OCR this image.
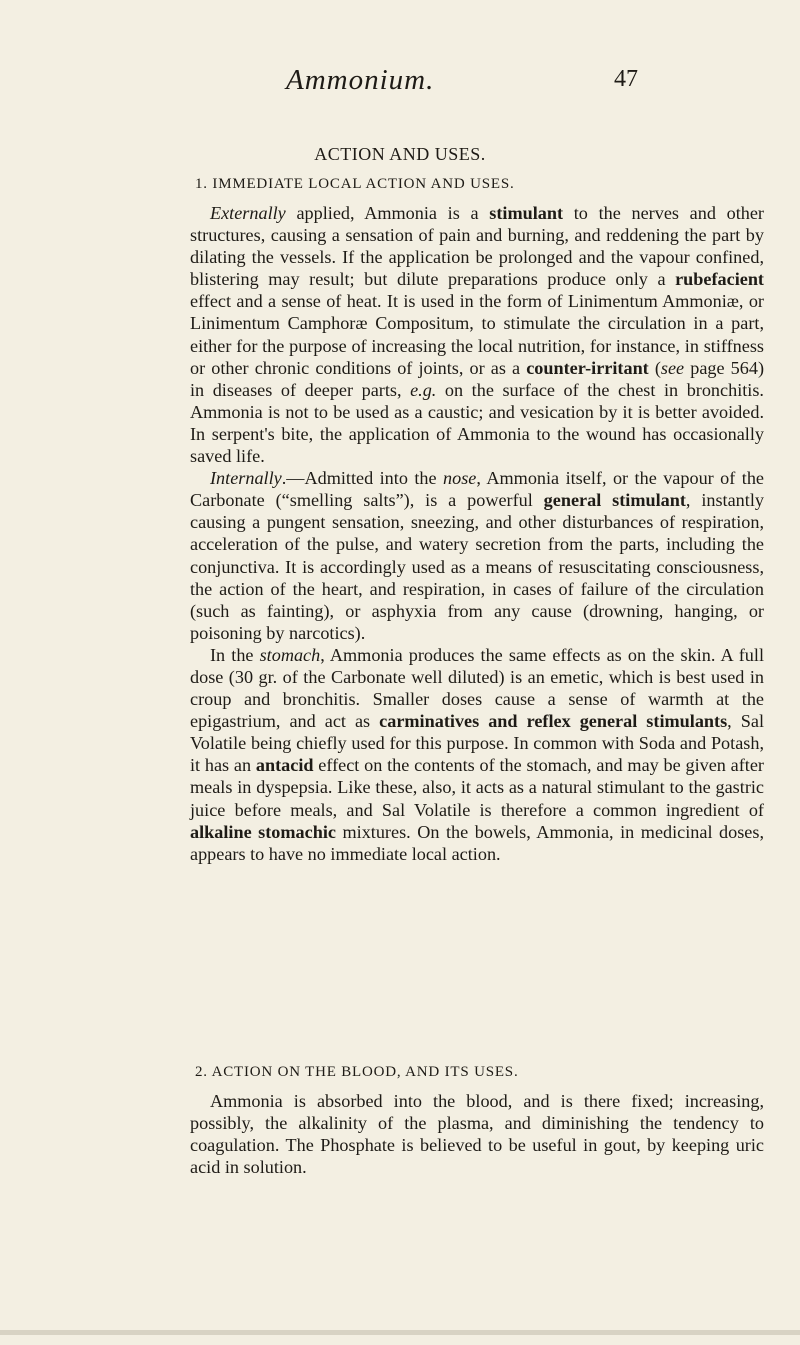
Ammonium.	47
ACTION AND USES.
1. IMMEDIATE LOCAL ACTION AND USES.

Externally applied, Ammonia is a stimulant to the nerves and other structures, causing a sensation of pain and burning, and reddening the part by dilating the vessels. If the application be prolonged and the vapour confined, blistering may result; but dilute preparations produce only a rubefacient effect and a sense of heat. It is used in the form of Linimentum Ammoniæ, or Linimentum Camphoræ Compositum, to stimulate the circulation in a part, either for the purpose of increasing the local nutrition, for instance, in stiffness or other chronic conditions of joints, or as a counter-irritant (see page 564) in diseases of deeper parts, e.g. on the surface of the chest in bronchitis. Ammonia is not to be used as a caustic; and vesication by it is better avoided. In serpent's bite, the application of Ammonia to the wound has occasionally saved life.

Internally.—Admitted into the nose, Ammonia itself, or the vapour of the Carbonate (“smelling salts”), is a powerful general stimulant, instantly causing a pungent sensation, sneezing, and other disturbances of respiration, acceleration of the pulse, and watery secretion from the parts, including the conjunctiva. It is accordingly used as a means of resuscitating consciousness, the action of the heart, and respiration, in cases of failure of the circulation (such as fainting), or asphyxia from any cause (drowning, hanging, or poisoning by narcotics).

In the stomach, Ammonia produces the same effects as on the skin. A full dose (30 gr. of the Carbonate well diluted) is an emetic, which is best used in croup and bronchitis. Smaller doses cause a sense of warmth at the epigastrium, and act as carminatives and reflex general stimulants, Sal Volatile being chiefly used for this purpose. In common with Soda and Potash, it has an antacid effect on the contents of the stomach, and may be given after meals in dyspepsia. Like these, also, it acts as a natural stimulant to the gastric juice before meals, and Sal Volatile is therefore a common ingredient of alkaline stomachic mixtures. On the bowels, Ammonia, in medicinal doses, appears to have no immediate local action.

2. ACTION ON THE BLOOD, AND ITS USES.

Ammonia is absorbed into the blood, and is there fixed; increasing, possibly, the alkalinity of the plasma, and diminishing the tendency to coagulation. The Phosphate is believed to be useful in gout, by keeping uric acid in solution.
